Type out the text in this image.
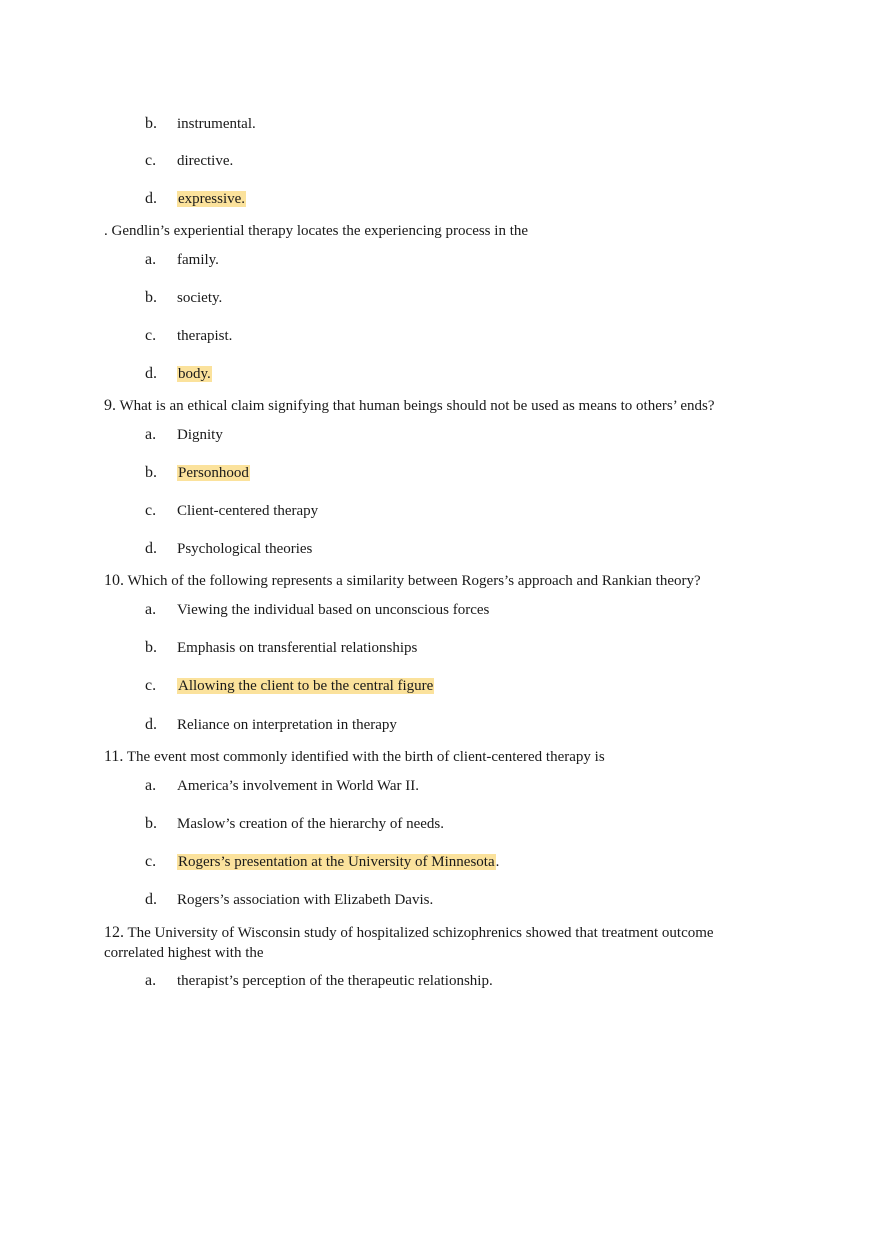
b.	instrumental.
c.	directive.
d.	expressive.
. Gendlin’s experiential therapy locates the experiencing process in the
a.	family.
b.	society.
c.	therapist.
d.	body.
9. What is an ethical claim signifying that human beings should not be used as means to others’ ends?
a.	Dignity
b.	Personhood
c.	Client-centered therapy
d.	Psychological theories
10. Which of the following represents a similarity between Rogers’s approach and Rankian theory?
a.	Viewing the individual based on unconscious forces
b.	Emphasis on transferential relationships
c.	Allowing the client to be the central figure
d.	Reliance on interpretation in therapy
11. The event most commonly identified with the birth of client-centered therapy is
a.	America’s involvement in World War II.
b.	Maslow’s creation of the hierarchy of needs.
c.	Rogers’s presentation at the University of Minnesota.
d.	Rogers’s association with Elizabeth Davis.
12. The University of Wisconsin study of hospitalized schizophrenics showed that treatment outcome correlated highest with the
a.	therapist’s perception of the therapeutic relationship.
